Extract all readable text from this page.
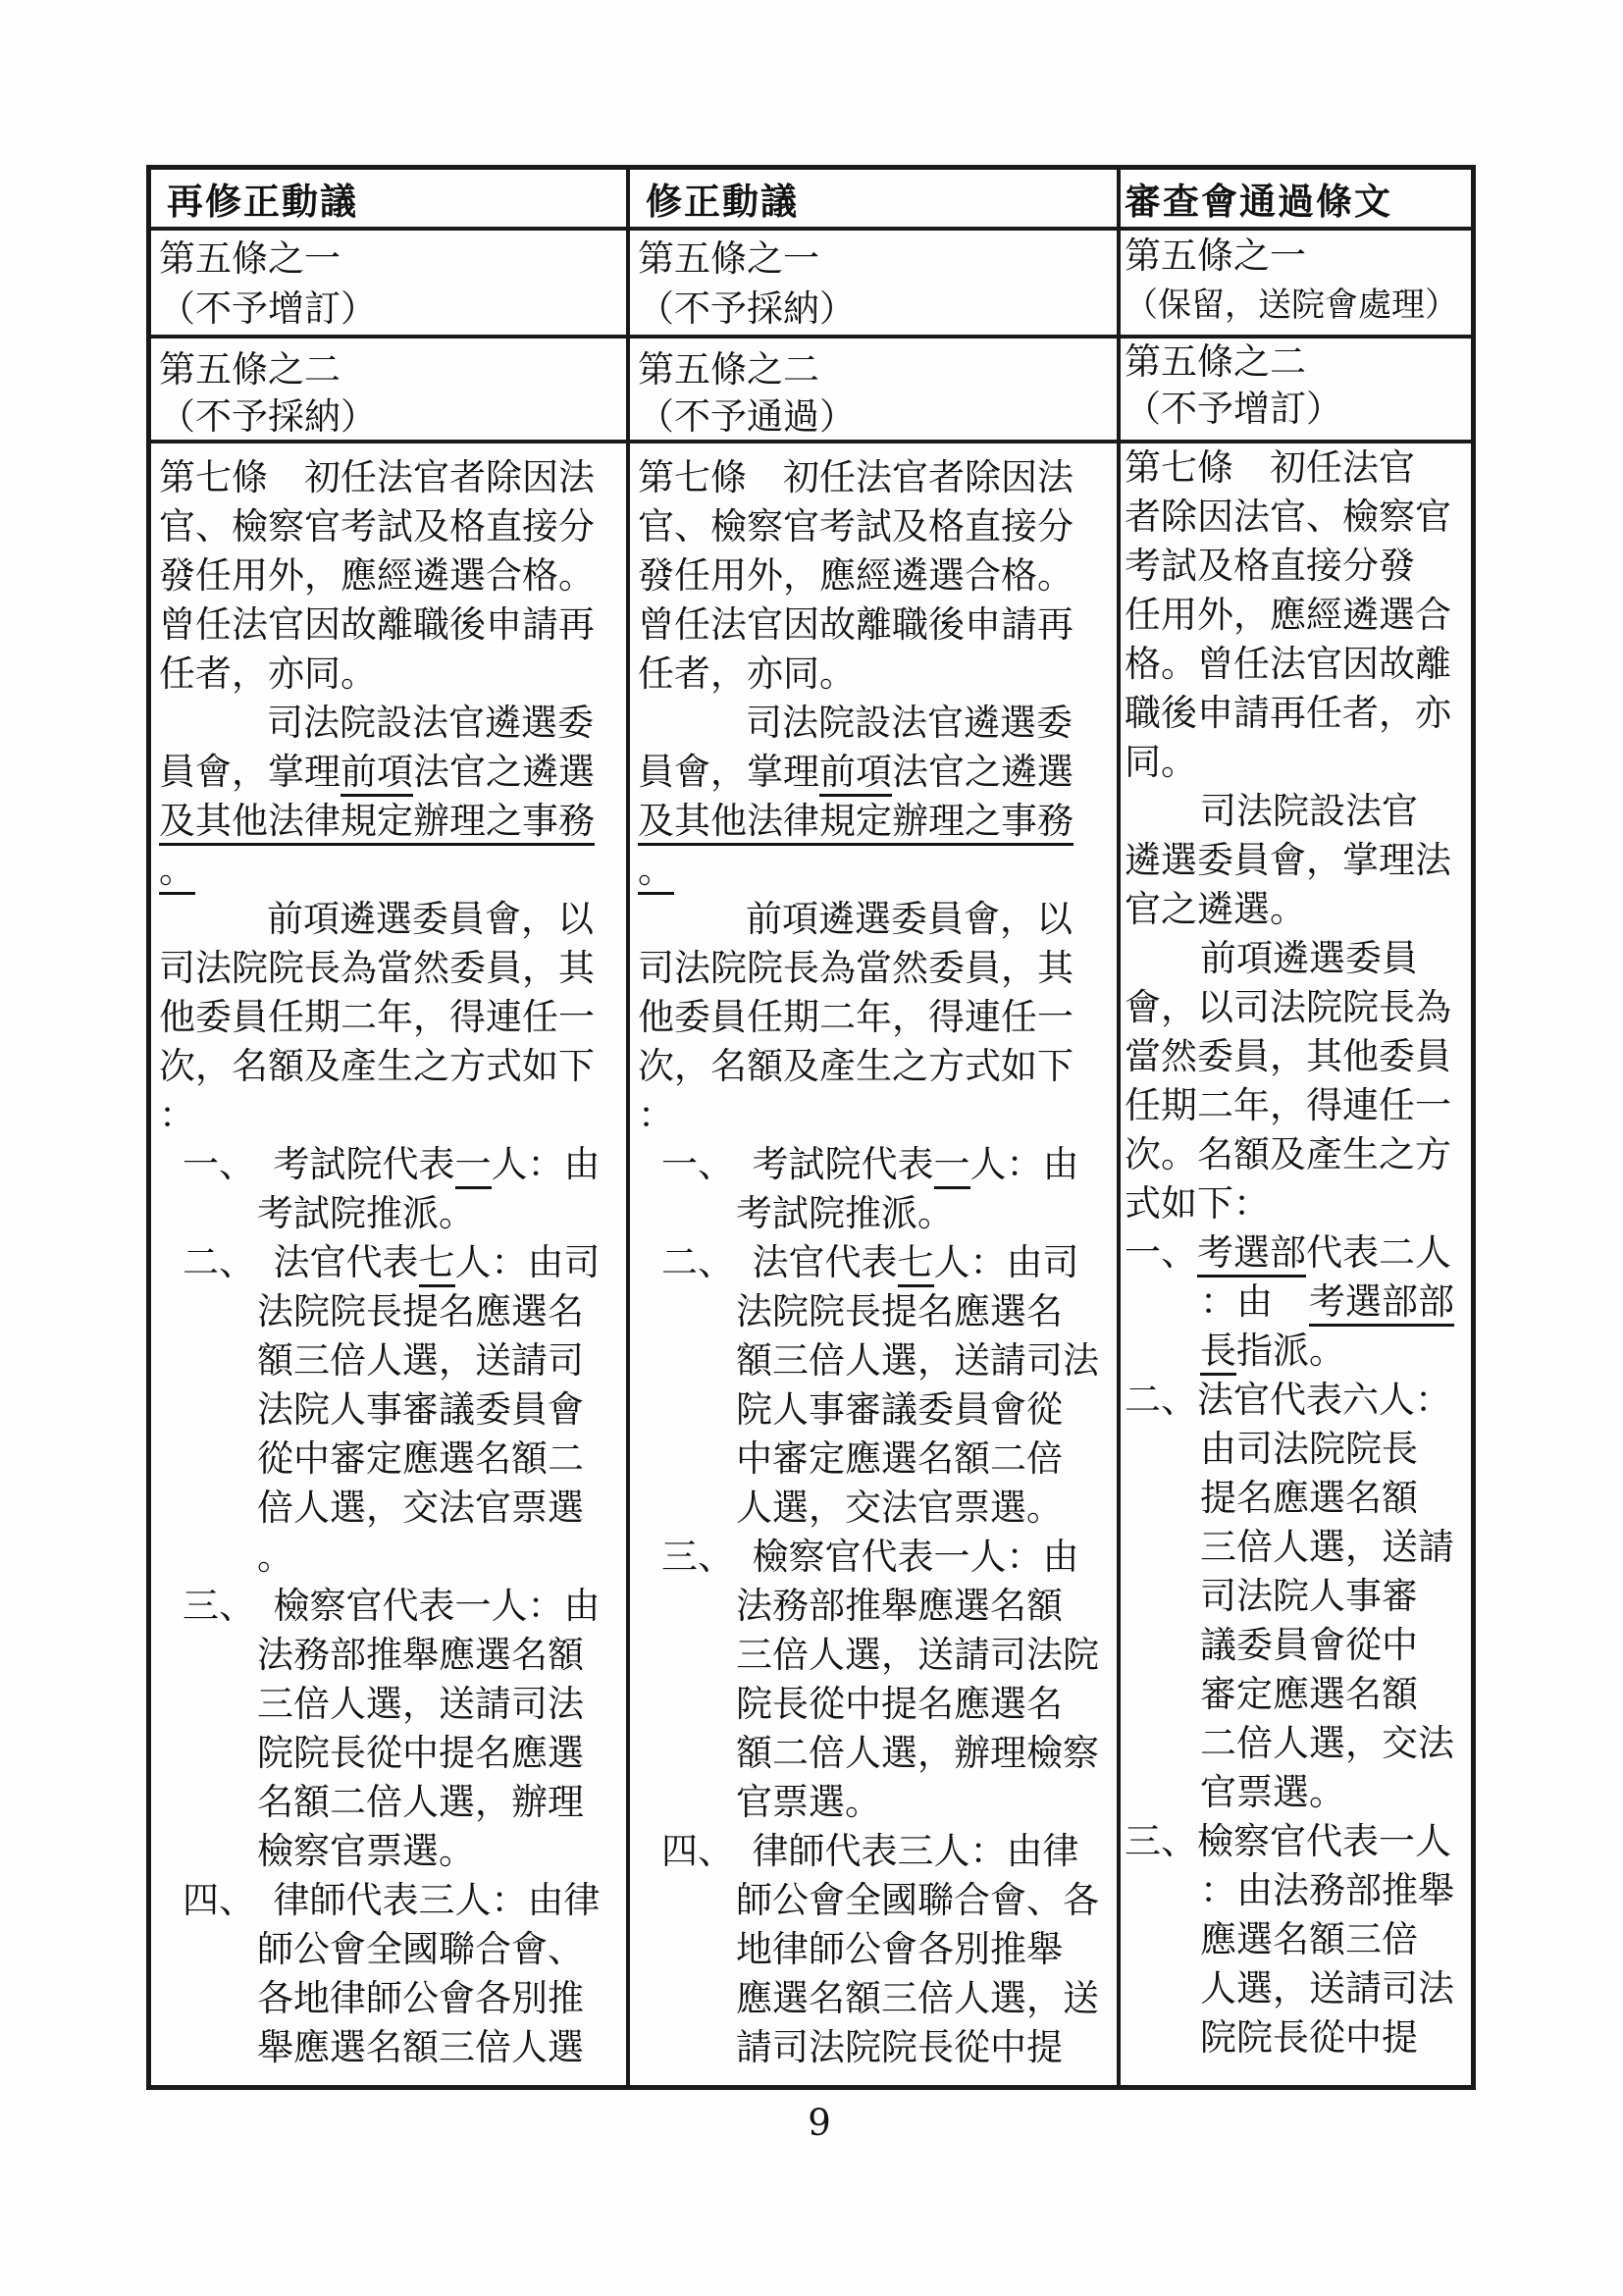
再修正動議	修正動議	審查會通過條文
第五條之一
（不予增訂）
第五條之一
（不予採納）
第五條之一
（保留，送院會處理）
第五條之二
（不予採納）
第五條之二
（不予通過）
第五條之二
（不予增訂）
第七條　初任法官者除因法
官、檢察官考試及格直接分
發任用外，應經遴選合格。
曾任法官因故離職後申請再
任者，亦同。
司法院設法官遴選委
員會，掌理前項法官之遴選
及其他法律規定辦理之事務
。
前項遴選委員會，以
司法院院長為當然委員，其
他委員任期二年，得連任一
次，名額及產生之方式如下
：
一、　考試院代表一人：由
考試院推派。
二、　法官代表七人：由司
法院院長提名應選名
額三倍人選，送請司
法院人事審議委員會
從中審定應選名額二
倍人選，交法官票選
。
三、　檢察官代表一人：由
法務部推舉應選名額
三倍人選，送請司法
院院長從中提名應選
名額二倍人選，辦理
檢察官票選。
四、　律師代表三人：由律
師公會全國聯合會、
各地律師公會各別推
舉應選名額三倍人選
第七條　初任法官者除因法
官、檢察官考試及格直接分
發任用外，應經遴選合格。
曾任法官因故離職後申請再
任者，亦同。
司法院設法官遴選委
員會，掌理前項法官之遴選
及其他法律規定辦理之事務
。
前項遴選委員會，以
司法院院長為當然委員，其
他委員任期二年，得連任一
次，名額及產生之方式如下
：
一、　考試院代表一人：由
考試院推派。
二、　法官代表七人：由司
法院院長提名應選名
額三倍人選，送請司法
院人事審議委員會從
中審定應選名額二倍
人選，交法官票選。
三、　檢察官代表一人：由
法務部推舉應選名額
三倍人選，送請司法院
院長從中提名應選名
額二倍人選，辦理檢察
官票選。
四、　律師代表三人：由律
師公會全國聯合會、各
地律師公會各別推舉
應選名額三倍人選，送
請司法院院長從中提
第七條　初任法官
者除因法官、檢察官
考試及格直接分發
任用外，應經遴選合
格。曾任法官因故離
職後申請再任者，亦
同。
司法院設法官
遴選委員會，掌理法
官之遴選。
前項遴選委員
會，以司法院院長為
當然委員，其他委員
任期二年，得連任一
次。名額及產生之方
式如下：
一、考選部代表二人
：由　考選部部
長指派。
二、法官代表六人：
由司法院院長
提名應選名額
三倍人選，送請
司法院人事審
議委員會從中
審定應選名額
二倍人選，交法
官票選。
三、檢察官代表一人
：由法務部推舉
應選名額三倍
人選，送請司法
院院長從中提
9
